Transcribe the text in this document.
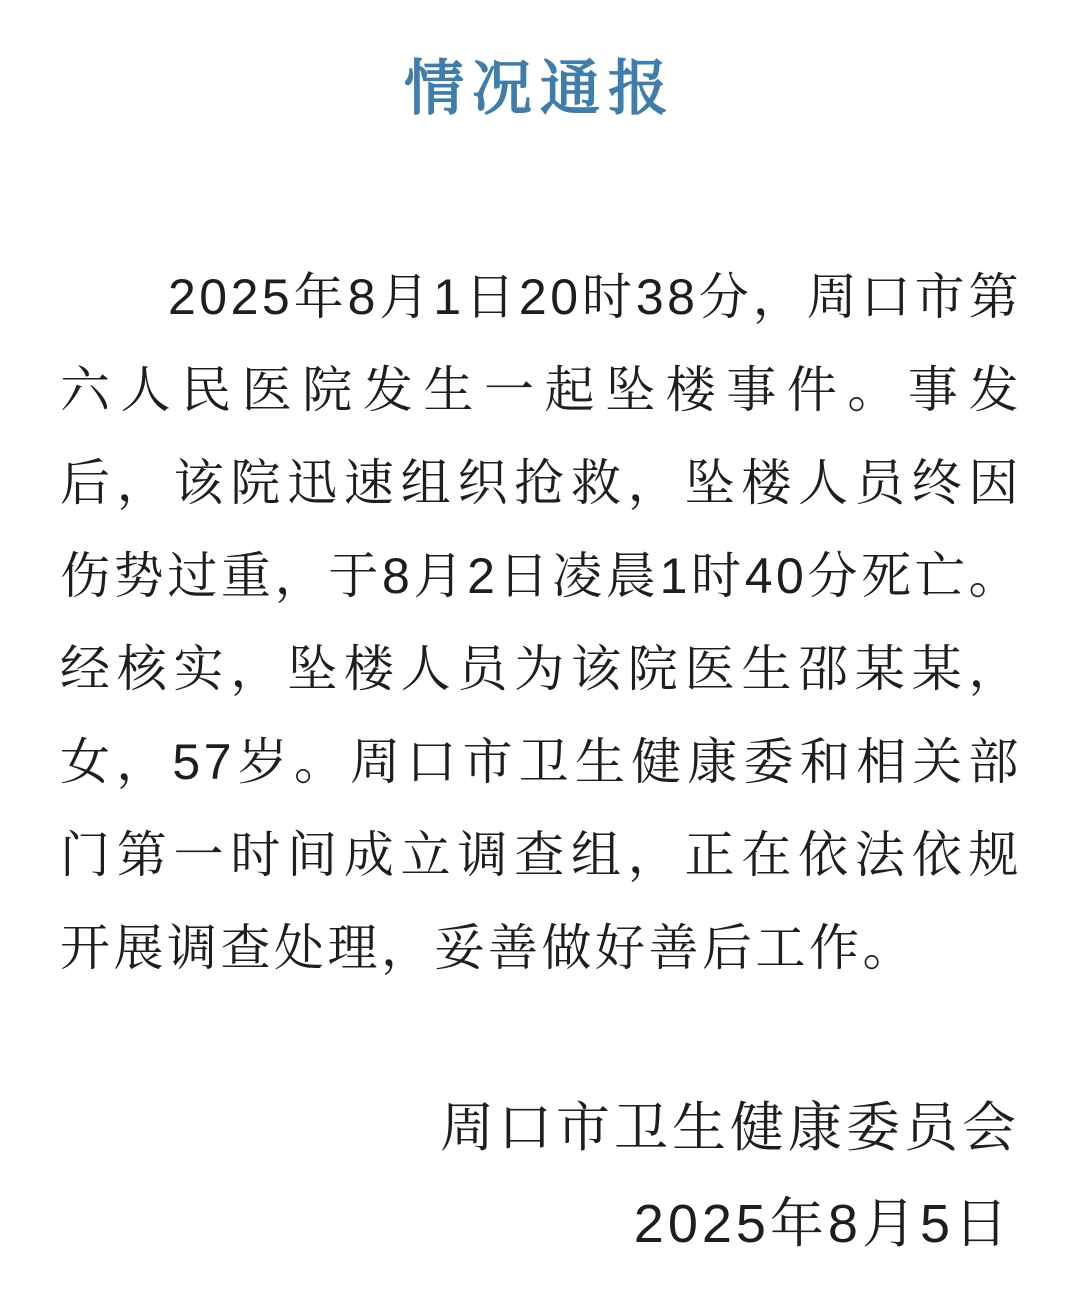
情况通报
2025年8月1日20时38分，周口市第六人民医院发生一起坠楼事件。事发后，该院迅速组织抢救，坠楼人员终因伤势过重，于8月2日凌晨1时40分死亡。经核实，坠楼人员为该院医生邵某某，女，57岁。周口市卫生健康委和相关部门第一时间成立调查组，正在依法依规开展调查处理，妥善做好善后工作。
周口市卫生健康委员会
2025年8月5日
